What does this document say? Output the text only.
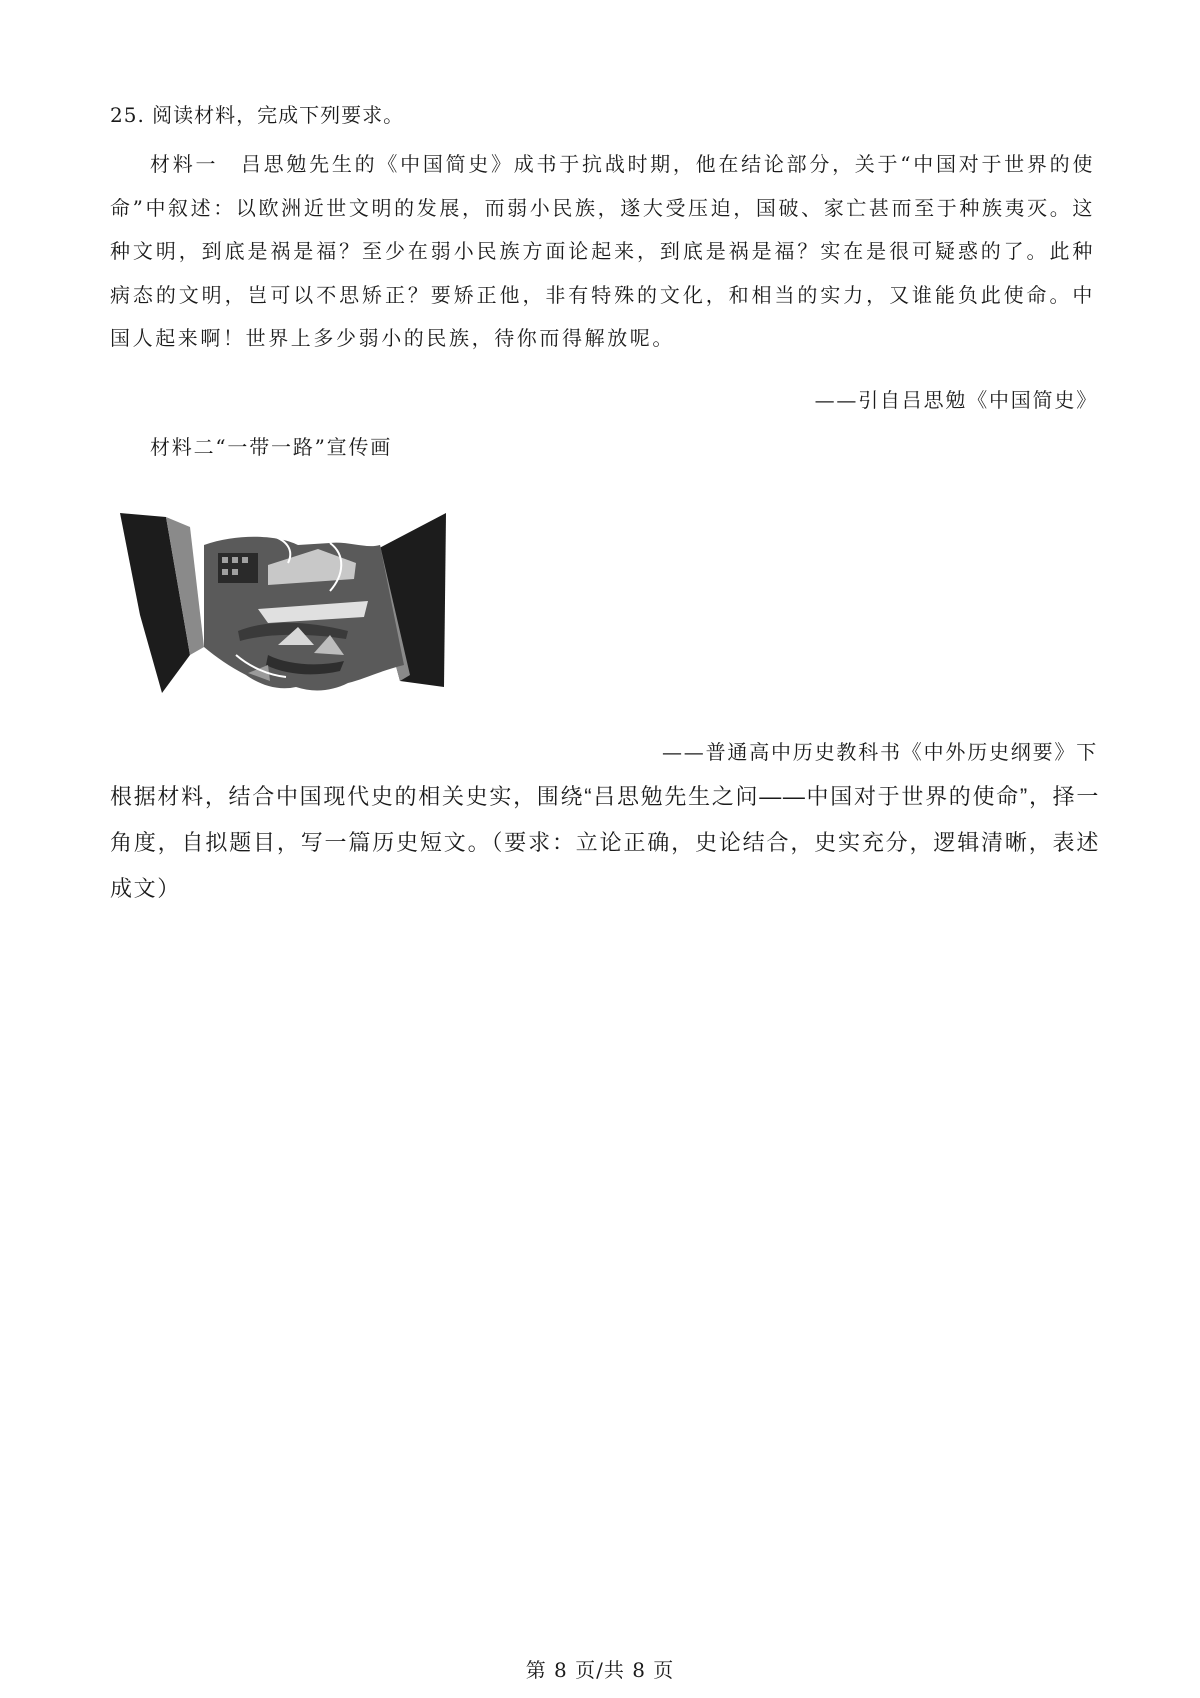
25. 阅读材料，完成下列要求。

材料一　吕思勉先生的《中国简史》成书于抗战时期，他在结论部分，关于“中国对于世界的使命”中叙述：以欧洲近世文明的发展，而弱小民族，遂大受压迫，国破、家亡甚而至于种族夷灭。这种文明，到底是祸是福？至少在弱小民族方面论起来，到底是祸是福？实在是很可疑惑的了。此种病态的文明，岂可以不思矫正？要矫正他，非有特殊的文化，和相当的实力，又谁能负此使命。中国人起来啊！世界上多少弱小的民族，待你而得解放呢。

——引自吕思勉《中国简史》
材料二“一带一路”宣传画
——普通高中历史教科书《中外历史纲要》下

根据材料，结合中国现代史的相关史实，围绕“吕思勉先生之问——中国对于世界的使命”，择一角度，自拟题目，写一篇历史短文。（要求：立论正确，史论结合，史实充分，逻辑清晰，表述成文）

第 8 页/共 8 页
